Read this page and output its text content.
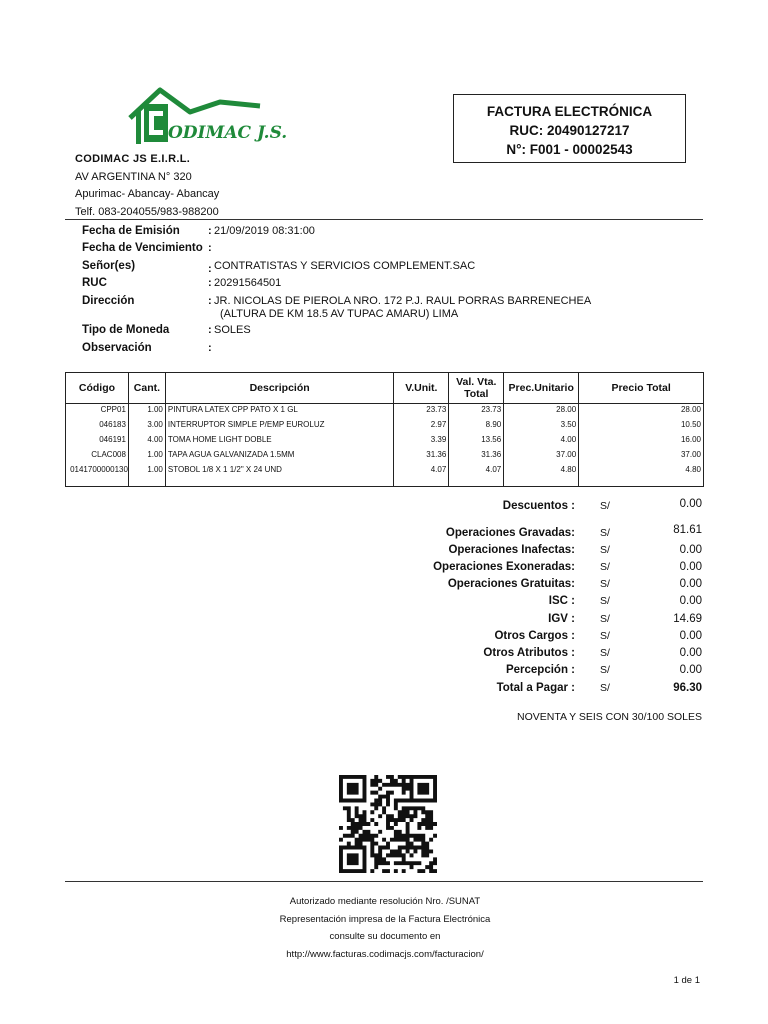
ODIMAC J.S.
CODIMAC JS E.I.R.L.
AV ARGENTINA N° 320
Apurimac- Abancay- Abancay
Telf. 083-204055/983-988200
FACTURA ELECTRÓNICA
RUC: 20490127217
N°: F001 - 00002543
Fecha de Emisión	: 21/09/2019 08:31:00
Fecha de Vencimiento :
Señor(es)	: CONTRATISTAS Y SERVICIOS COMPLEMENT.SAC
RUC	: 20291564501
Dirección	: JR. NICOLAS DE PIEROLA NRO. 172 P.J. RAUL PORRAS BARRENECHEA
(ALTURA DE KM 18.5 AV TUPAC AMARU) LIMA
Tipo de Moneda	: SOLES
Observación	:
Código	Cant.	Descripción	V.Unit.	Val. Vta. Total	Prec.Unitario	Precio Total
CPP01	1.00	PINTURA LATEX CPP PATO X 1 GL	23.73	23.73	28.00	28.00
046183	3.00	INTERRUPTOR SIMPLE P/EMP EUROLUZ	2.97	8.90	3.50	10.50
046191	4.00	TOMA HOME LIGHT DOBLE	3.39	13.56	4.00	16.00
CLAC008	1.00	TAPA AGUA GALVANIZADA 1.5MM	31.36	31.36	37.00	37.00
0141700000130	1.00	STOBOL 1/8 X 1 1/2" X 24 UND	4.07	4.07	4.80	4.80
Descuentos : S/	0.00
Operaciones Gravadas: S/	81.61
Operaciones Inafectas: S/	0.00
Operaciones Exoneradas: S/	0.00
Operaciones Gratuitas: S/	0.00
ISC : S/	0.00
IGV : S/	14.69
Otros Cargos : S/	0.00
Otros Atributos : S/	0.00
Percepción : S/	0.00
Total a Pagar : S/	96.30
NOVENTA Y SEIS CON 30/100 SOLES
Autorizado mediante resolución Nro. /SUNAT
Representación impresa de la Factura Electrónica
consulte su documento en
http://www.facturas.codimacjs.com/facturacion/
1 de 1
